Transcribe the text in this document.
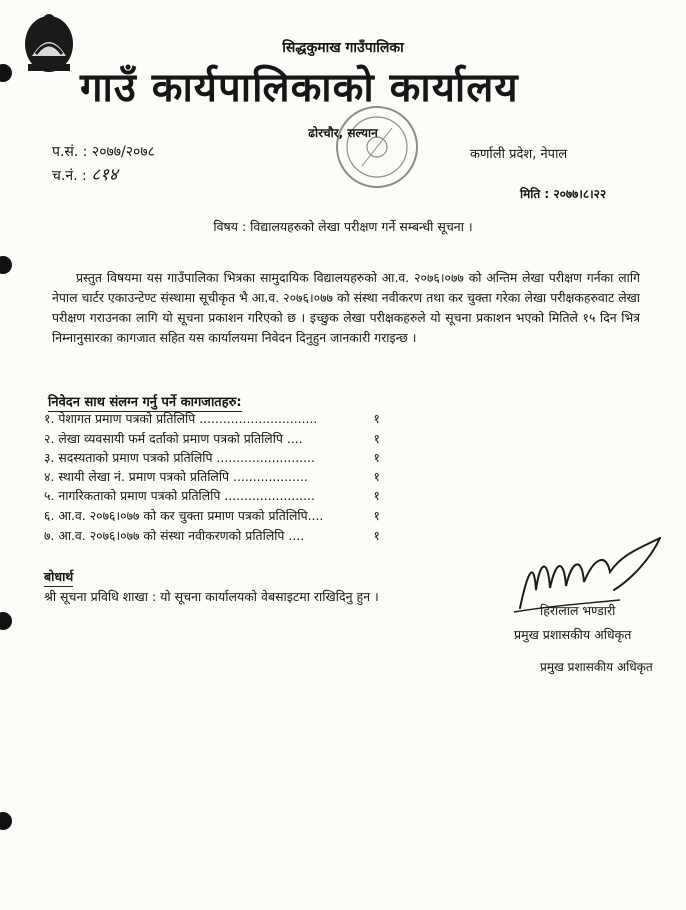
सिद्धकुमाख गाउँपालिका
गाउँ कार्यपालिकाको कार्यालय
ढोरचौर, सल्यान
कर्णाली प्रदेश, नेपाल
प.सं. : २०७७/२०७८
च.नं. : ८१४
मिति : २०७७।८।२२
विषय : विद्यालयहरुको लेखा परीक्षण गर्ने सम्बन्धी सूचना ।
प्रस्तुत विषयमा यस गाउँपालिका भित्रका सामुदायिक विद्यालयहरुको आ.व. २०७६।०७७ को अन्तिम लेखा परीक्षण गर्नका लागि नेपाल चार्टर एकाउन्टेण्ट संस्थामा सूचीकृत भै आ.व. २०७६।०७७ को संस्था नवीकरण तथा कर चुक्ता गरेका लेखा परीक्षकहरुवाट लेखा परीक्षण गराउनका लागि यो सूचना प्रकाशन गरिएको छ । इच्छुक लेखा परीक्षकहरुले यो सूचना प्रकाशन भएको मितिले १५ दिन भित्र निम्नानुसारका कागजात सहित यस कार्यालयमा निवेदन दिनुहुन जानकारी गराइन्छ ।
निवेदन साथ संलग्न गर्नु पर्ने कागजातहरु:
१. पेशागत प्रमाण पत्रको प्रतिलिपि ..............................	१
२. लेखा व्यवसायी फर्म दर्ताको प्रमाण पत्रको प्रतिलिपि ....	१
३. सदस्यताको प्रमाण पत्रको प्रतिलिपि .........................	१
४. स्थायी लेखा नं. प्रमाण पत्रको प्रतिलिपि ...................	१
५. नागरिकताको प्रमाण पत्रको प्रतिलिपि .......................	१
६. आ.व. २०७६।०७७ को कर चुक्ता प्रमाण पत्रको प्रतिलिपि....	१
७. आ.व. २०७६।०७७ को संस्था नवीकरणको प्रतिलिपि ....	१
बोधार्थ
श्री सूचना प्रविधि शाखा : यो सूचना कार्यालयको वेबसाइटमा राखिदिनु हुन ।
हिरालाल भण्डारी
प्रमुख प्रशासकीय अधिकृत
प्रमुख प्रशासकीय अधिकृत
